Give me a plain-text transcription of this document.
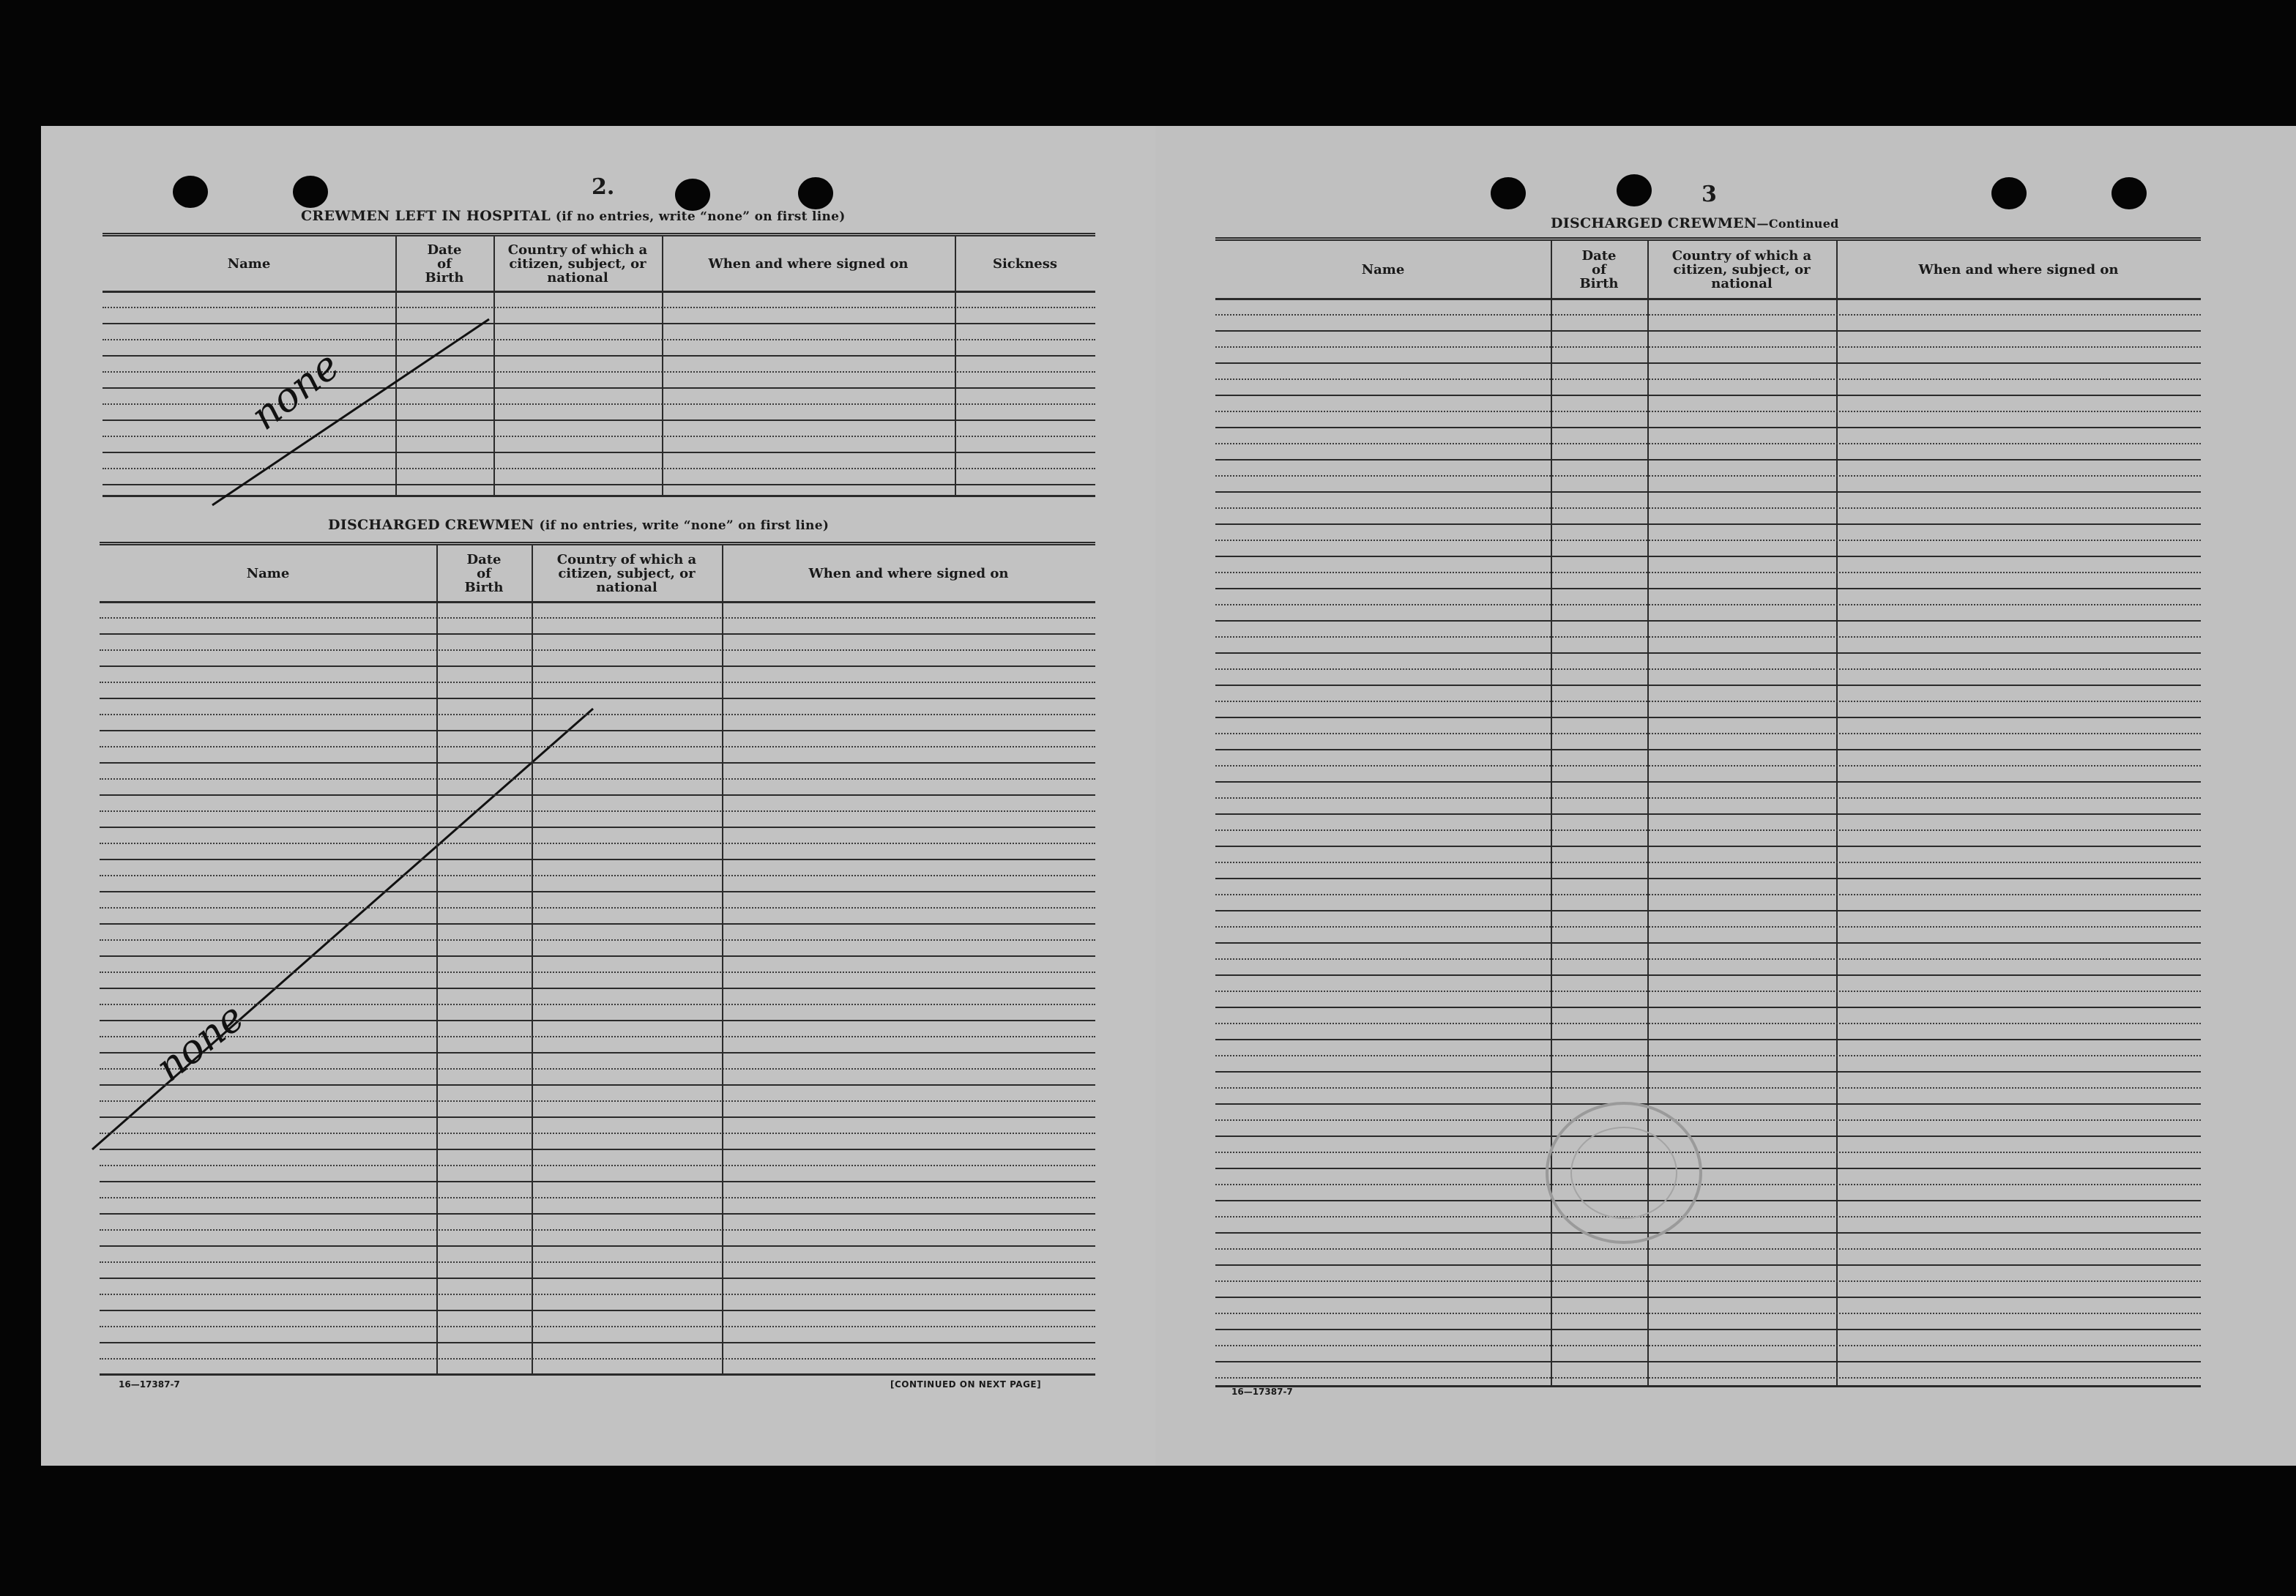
2.
CREWMEN LEFT IN HOSPITAL (if no entries, write “none” on first line)
Name
Date
of
Birth
Country of which a
citizen, subject, or
national
When and where signed on	Sickness
none
DISCHARGED CREWMEN (if no entries, write “none” on first line)
Name
Date
of
Birth
Country of which a
citizen, subject, or
national
When and where signed on
none
16—17387-7	[CONTINUED ON NEXT PAGE]
3
DISCHARGED CREWMEN—Continued
Name
Date
of
Birth
Country of which a
citizen, subject, or
national
When and where signed on
16—17387-7
